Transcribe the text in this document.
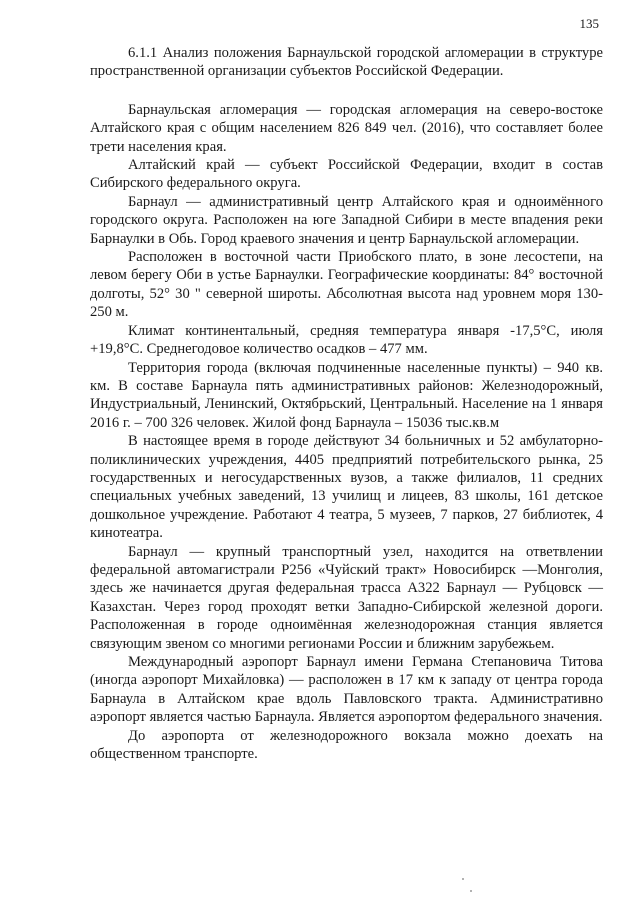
135

6.1.1 Анализ положения Барнаульской городской агломерации в структуре пространственной организации субъектов Российской Федерации.

Барнаульская агломерация — городская агломерация на северо-востоке Алтайского края с общим населением 826 849 чел. (2016), что составляет более трети населения края.

Алтайский край — субъект Российской Федерации, входит в состав Сибирского федерального округа.

Барнаул — административный центр Алтайского края и одноимённого городского округа. Расположен на юге Западной Сибири в месте впадения реки Барнаулки в Обь. Город краевого значения и центр Барнаульской агломерации.

Расположен в восточной части Приобского плато, в зоне лесостепи, на левом берегу Оби в устье Барнаулки. Географические координаты: 84° восточной долготы, 52° 30 " северной широты. Абсолютная высота над уровнем моря 130-250 м.

Климат континентальный, средняя температура января -17,5°С, июля +19,8°С. Среднегодовое количество осадков – 477 мм.

Территория города (включая подчиненные населенные пункты) – 940 кв. км. В составе Барнаула пять административных районов: Железнодорожный, Индустриальный, Ленинский, Октябрьский, Центральный. Население на 1 января 2016 г. – 700 326 человек. Жилой фонд Барнаула – 15036 тыс.кв.м

В настоящее время в городе действуют 34 больничных и 52 амбулаторно-поликлинических учреждения, 4405 предприятий потребительского рынка, 25 государственных и негосударственных вузов, а также филиалов, 11 средних специальных учебных заведений, 13 училищ и лицеев, 83 школы, 161 детское дошкольное учреждение. Работают 4 театра, 5 музеев, 7 парков, 27 библиотек, 4 кинотеатра.

Барнаул — крупный транспортный узел, находится на ответвлении федеральной автомагистрали Р256 «Чуйский тракт» Новосибирск —Монголия, здесь же начинается другая федеральная трасса А322 Барнаул — Рубцовск — Казахстан. Через город проходят ветки Западно-Сибирской железной дороги. Расположенная в городе одноимённая железнодорожная станция является связующим звеном со многими регионами России и ближним зарубежьем.

Международный аэропорт Барнаул имени Германа Степановича Титова (иногда аэропорт Михайловка) — расположен в 17 км к западу от центра города Барнаула в Алтайском крае вдоль Павловского тракта. Административно аэропорт является частью Барнаула. Является аэропортом федерального значения.

До аэропорта от железнодорожного вокзала можно доехать на общественном транспорте.
